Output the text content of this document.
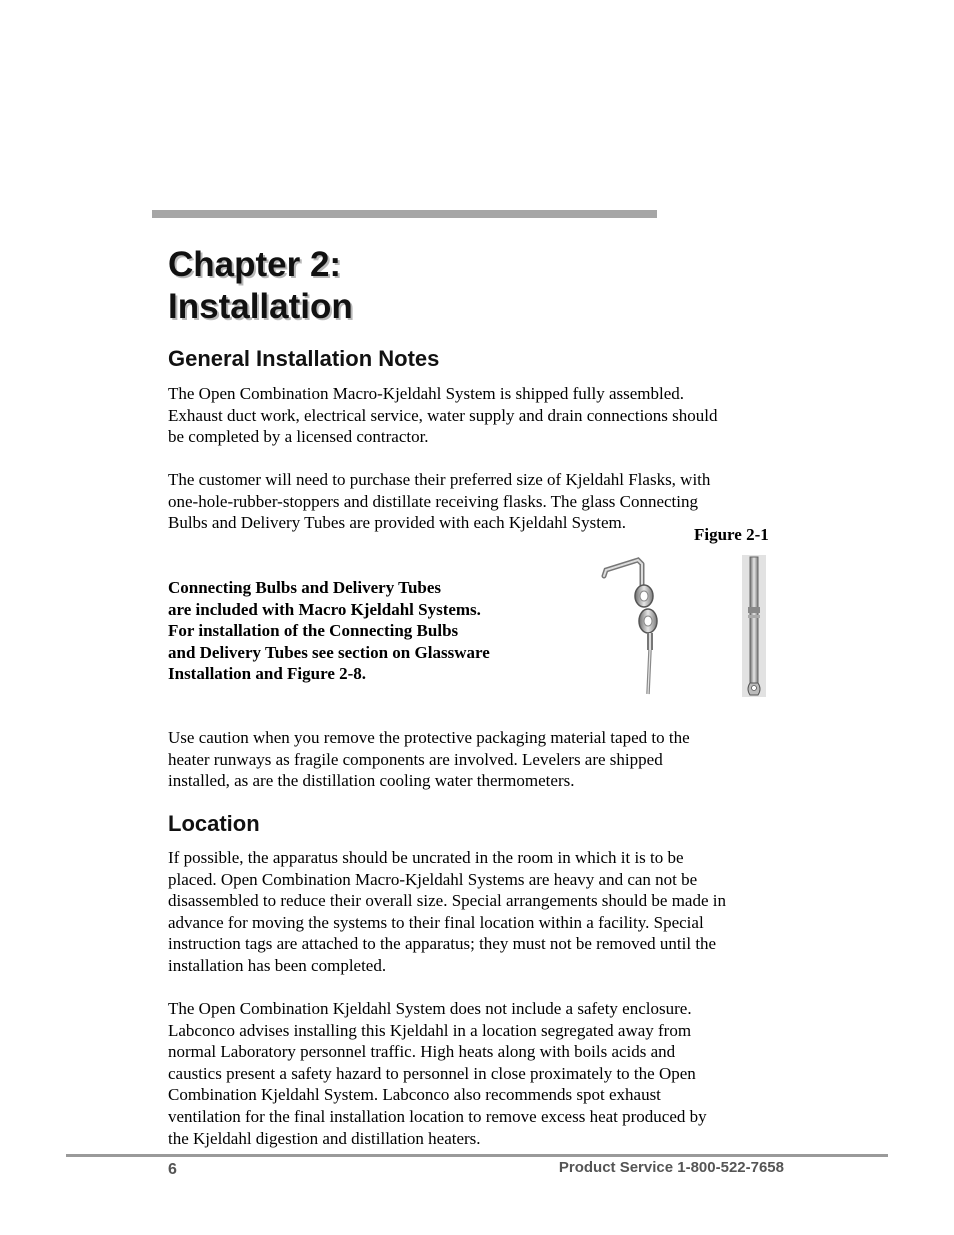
Chapter 2:
Installation
General Installation Notes
The Open Combination Macro-Kjeldahl System is shipped fully assembled.
Exhaust duct work, electrical service, water supply and drain connections should
be completed by a licensed contractor.
The customer will need to purchase their preferred size of Kjeldahl Flasks, with
one-hole-rubber-stoppers and distillate receiving flasks. The glass Connecting
Bulbs and Delivery Tubes are provided with each Kjeldahl System.
Figure 2-1
Connecting Bulbs and Delivery Tubes
are included with Macro Kjeldahl Systems.
For installation of the Connecting Bulbs
and Delivery Tubes see section on Glassware
Installation and Figure 2-8.
Use caution when you remove the protective packaging material taped to the
heater runways as fragile components are involved. Levelers are shipped
installed, as are the distillation cooling water thermometers.
Location
If possible, the apparatus should be uncrated in the room in which it is to be
placed. Open Combination Macro-Kjeldahl Systems are heavy and can not be
disassembled to reduce their overall size. Special arrangements should be made in
advance for moving the systems to their final location within a facility. Special
instruction tags are attached to the apparatus; they must not be removed until the
installation has been completed.
The Open Combination Kjeldahl System does not include a safety enclosure.
Labconco advises installing this Kjeldahl in a location segregated away from
normal Laboratory personnel traffic. High heats along with boils acids and
caustics present a safety hazard to personnel in close proximately to the Open
Combination Kjeldahl System. Labconco also recommends spot exhaust
ventilation for the final installation location to remove excess heat produced by
the Kjeldahl digestion and distillation heaters.
6	Product Service 1-800-522-7658
